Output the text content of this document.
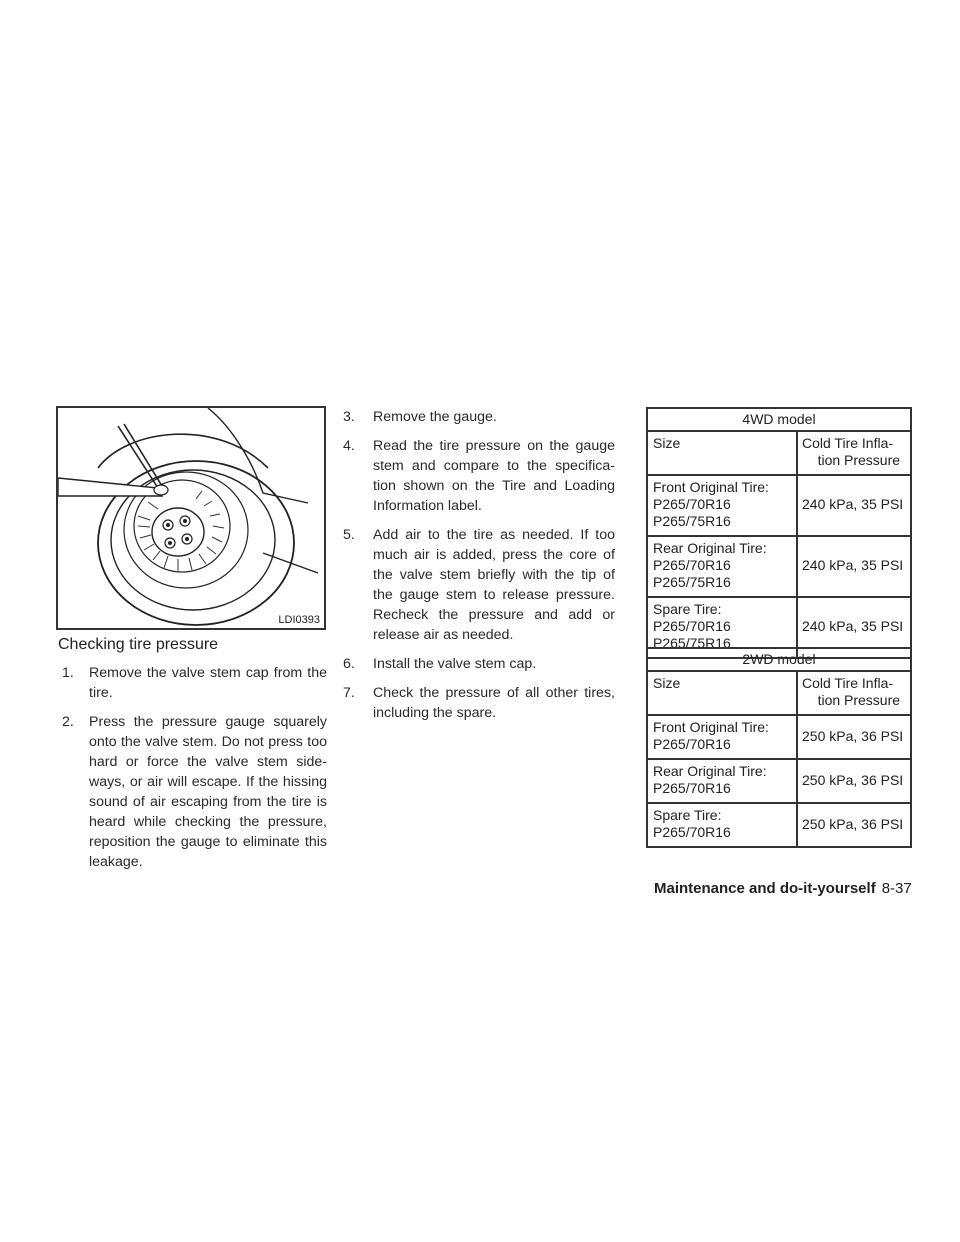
LDI0393
Checking tire pressure
1. Remove the valve stem cap from the tire.
2. Press the pressure gauge squarely onto the valve stem. Do not press too hard or force the valve stem side-ways, or air will escape. If the hissing sound of air escaping from the tire is heard while checking the pressure, reposition the gauge to eliminate this leakage.
3. Remove the gauge.
4. Read the tire pressure on the gauge stem and compare to the specifica-tion shown on the Tire and Loading Information label.
5. Add air to the tire as needed. If too much air is added, press the core of the valve stem briefly with the tip of the gauge stem to release pressure. Recheck the pressure and add or release air as needed.
6. Install the valve stem cap.
7. Check the pressure of all other tires, including the spare.
4WD model	
Size	Cold Tire Infla-
tion Pressure
Front Original Tire:
P265/70R16
P265/75R16	240 kPa, 35 PSI
Rear Original Tire:
P265/70R16
P265/75R16	240 kPa, 35 PSI
Spare Tire:
P265/70R16
P265/75R16	240 kPa, 35 PSI
2WD model	
Size	Cold Tire Infla-
tion Pressure
Front Original Tire:
P265/70R16	250 kPa, 36 PSI
Rear Original Tire:
P265/70R16	250 kPa, 36 PSI
Spare Tire:
P265/70R16	250 kPa, 36 PSI
Maintenance and do-it-yourself 8-37
